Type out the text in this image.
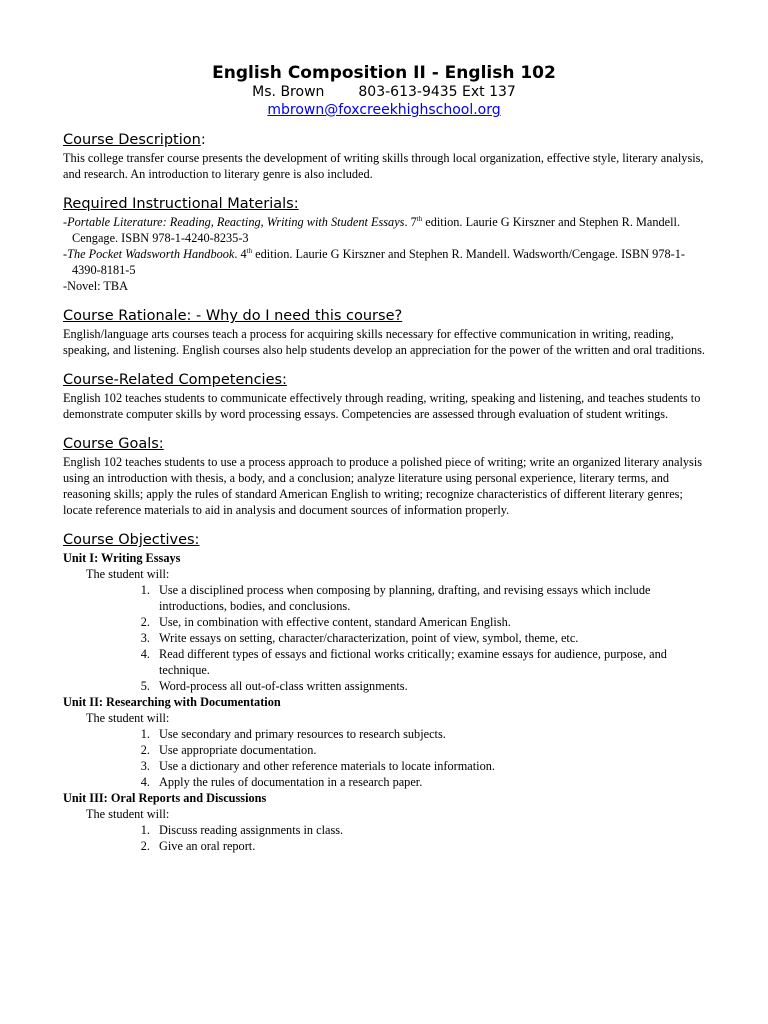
English Composition II - English 102
Ms. Brown 803-613-9435 Ext 137
mbrown@foxcreekhighschool.org
Course Description:

This college transfer course presents the development of writing skills through local organization, effective style, literary analysis, and research. An introduction to literary genre is also included.

Required Instructional Materials:
-Portable Literature: Reading, Reacting, Writing with Student Essays. 7th edition. Laurie G Kirszner and Stephen R. Mandell. Cengage. ISBN 978-1-4240-8235-3
-The Pocket Wadsworth Handbook. 4th edition. Laurie G Kirszner and Stephen R. Mandell. Wadsworth/Cengage. ISBN 978-1-4390-8181-5
-Novel: TBA
Course Rationale: - Why do I need this course?

English/language arts courses teach a process for acquiring skills necessary for effective communication in writing, reading, speaking, and listening. English courses also help students develop an appreciation for the power of the written and oral traditions.

Course-Related Competencies:

English 102 teaches students to communicate effectively through reading, writing, speaking and listening, and teaches students to demonstrate computer skills by word processing essays. Competencies are assessed through evaluation of student writings.

Course Goals:

English 102 teaches students to use a process approach to produce a polished piece of writing; write an organized literary analysis using an introduction with thesis, a body, and a conclusion; analyze literature using personal experience, literary terms, and reasoning skills; apply the rules of standard American English to writing; recognize characteristics of different literary genres; locate reference materials to aid in analysis and document sources of information properly.

Course Objectives:
Unit I: Writing Essays
The student will:
1. Use a disciplined process when composing by planning, drafting, and revising essays which include introductions, bodies, and conclusions.
2. Use, in combination with effective content, standard American English.
3. Write essays on setting, character/characterization, point of view, symbol, theme, etc.
4. Read different types of essays and fictional works critically; examine essays for audience, purpose, and technique.
5. Word-process all out-of-class written assignments.
Unit II: Researching with Documentation
The student will:
1. Use secondary and primary resources to research subjects.
2. Use appropriate documentation.
3. Use a dictionary and other reference materials to locate information.
4. Apply the rules of documentation in a research paper.
Unit III: Oral Reports and Discussions
The student will:
1. Discuss reading assignments in class.
2. Give an oral report.
